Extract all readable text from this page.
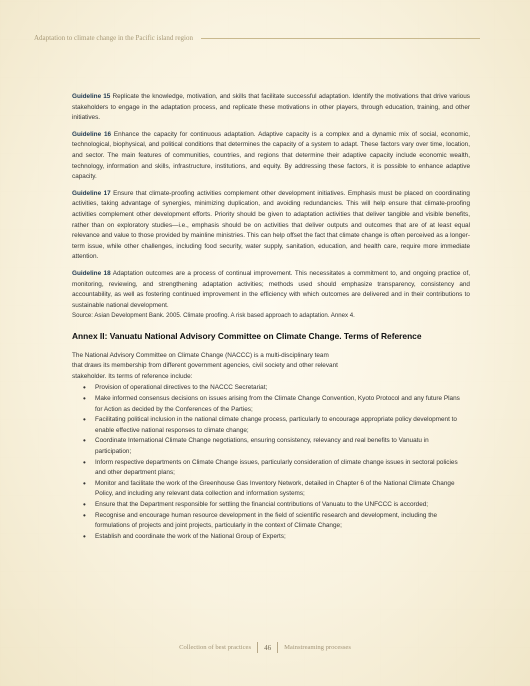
Adaptation to climate change in the Pacific island region

Guideline 15 Replicate the knowledge, motivation, and skills that facilitate successful adaptation. Identify the motivations that drive various stakeholders to engage in the adaptation process, and replicate these motivations in other players, through education, training, and other initiatives.

Guideline 16 Enhance the capacity for continuous adaptation. Adaptive capacity is a complex and a dynamic mix of social, economic, technological, biophysical, and political conditions that determines the capacity of a system to adapt. These factors vary over time, location, and sector. The main features of communities, countries, and regions that determine their adaptive capacity include economic wealth, technology, information and skills, infrastructure, institutions, and equity. By addressing these factors, it is possible to enhance adaptive capacity.

Guideline 17 Ensure that climate-proofing activities complement other development initiatives. Emphasis must be placed on coordinating activities, taking advantage of synergies, minimizing duplication, and avoiding redundancies. This will help ensure that climate-proofing activities complement other development efforts. Priority should be given to adaptation activities that deliver tangible and visible benefits, rather than on exploratory studies—i.e., emphasis should be on activities that deliver outputs and outcomes that are of at least equal relevance and value to those provided by mainline ministries. This can help offset the fact that climate change is often perceived as a longer-term issue, while other challenges, including food security, water supply, sanitation, education, and health care, require more immediate attention.

Guideline 18 Adaptation outcomes are a process of continual improvement. This necessitates a commitment to, and ongoing practice of, monitoring, reviewing, and strengthening adaptation activities; methods used should emphasize transparency, consistency and accountability, as well as fostering continued improvement in the efficiency with which outcomes are delivered and in their contributions to sustainable national development.

Source: Asian Development Bank. 2005. Climate proofing. A risk based approach to adaptation. Annex 4.

Annex II: Vanuatu National Advisory Committee on Climate Change. Terms of Reference

The National Advisory Committee on Climate Change (NACCC) is a multi-disciplinary team that draws its membership from different government agencies, civil society and other relevant stakeholder. Its terms of reference include:

• Provision of operational directives to the NACCC Secretariat;
• Make informed consensus decisions on issues arising from the Climate Change Convention, Kyoto Protocol and any future Plans for Action as decided by the Conferences of the Parties;
• Facilitating political inclusion in the national climate change process, particularly to encourage appropriate policy development to enable effective national responses to climate change;
• Coordinate International Climate Change negotiations, ensuring consistency, relevancy and real benefits to Vanuatu in participation;
• Inform respective departments on Climate Change issues, particularly consideration of climate change issues in sectoral policies and other department plans;
• Monitor and facilitate the work of the Greenhouse Gas Inventory Network, detailed in Chapter 6 of the National Climate Change Policy, and including any relevant data collection and information systems;
• Ensure that the Department responsible for settling the financial contributions of Vanuatu to the UNFCCC is accorded;
• Recognise and encourage human resource development in the field of scientific research and development, including the formulations of projects and joint projects, particularly in the context of Climate Change;
• Establish and coordinate the work of the National Group of Experts;
Collection of best practices 46 Mainstreaming processes
